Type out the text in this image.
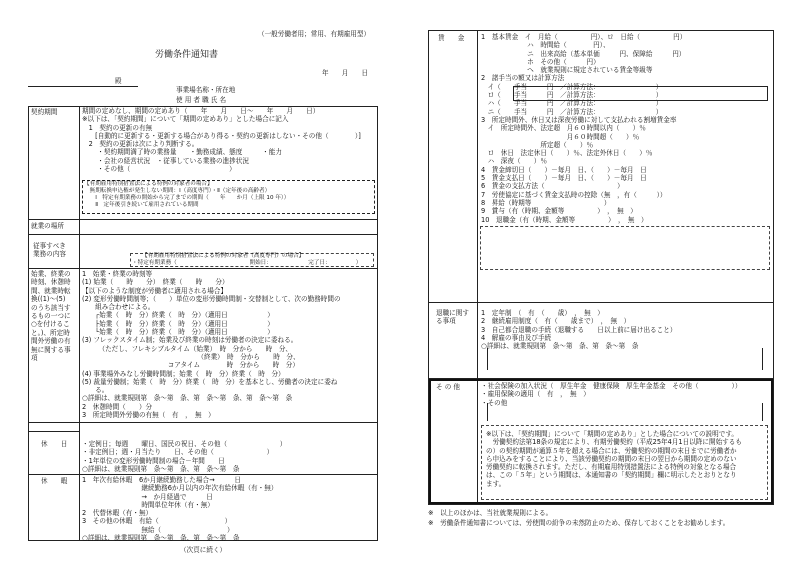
（一般労働者用；常用、有期雇用型）
労働条件通知書
年　　月　　日
殿
事業場名称・所在地
使 用 者 職 氏 名
契約期間	期間の定めなし、期間の定めあり（　　年　　月　　日～　　年　　月　　日）
※以下は、「契約期間」について「期間の定めあり」とした場合に記入
　1　契約の更新の有無
　　[自動的に更新する・更新する場合があり得る・契約の更新はしない・その他（　　　　）]
　2　契約の更新は次により判断する。
　　 ・契約期間満了時の業務量　　・勤務成績、態度　　　・能力
　　 ・会社の経営状況　・従事している業務の進捗状況
　　 ・その他（　　　　　　　　　　　　　　　）
【有期雇用特別措置法による特例の対象者の場合】
　無期転換申込権が発生しない期間：Ⅰ（高度専門）・Ⅱ（定年後の高齢者）
　　Ⅰ　特定有期業務の開始から完了までの期間（　　年　　か月（上限 10 年））
　　Ⅱ　定年後引き続いて雇用されている期間
就業の場所
従事すべき
業務の内容	【有期雇用特別措置法による特例の対象者（高度専門）の場合】
・特定有期業務（　　　　　　　　　　　　　開始日：　　　　　　　完了日：　　　　　）
始業、終業の
時刻、休憩時
間、就業時転
換((1)～(5)
のうち該当す
るもの一つに
○を付けるこ
と。)、所定時
間外労働の有
無に関する事
項
1　始業・終業の時刻等
(1) 始業（　　時　　分）　終業（　　時　　分）
【以下のような制度が労働者に適用される場合】
(2) 変形労働時間制等；（　　）単位の変形労働時間制・交替制として、次の勤務時間の
　　組み合わせによる。
　　┌始業（　時　分）終業（　時　分）（適用日　　　　　　）
　　├始業（　時　分）終業（　時　分）（適用日　　　　　　）
　　└始業（　時　分）終業（　時　分）（適用日　　　　　　）
(3) フレックスタイム制；始業及び終業の時刻は労働者の決定に委ねる。
　　　（ただし、フレキシブルタイム（始業）　時　分から　　時　分、
　　　　　　　　　　　　　　　　　　（終業）　時　分から　　時　分、
　　　　　　　　　　　　　コアタイム　　　　時　分から　　時　分）
(4) 事業場外みなし労働時間制；始業（　時　分）終業（　時　分）
(5) 裁量労働制；始業（　時　分）終業（　時　分）を基本とし、労働者の決定に委ね
　　る。
○詳細は、就業規則第　条～第　条、第　条～第　条、第　条～第　条
2　休憩時間（　　）分
3　所定時間外労働の有無（　有　，　無　）
休　　日 ・定例日；毎週　　曜日、国民の祝日、その他（　　　　　　　　）
・非定例日；週・月当たり　　日、その他（　　　　　　　　）
・1年単位の変形労働時間制の場合－年間　　日
○詳細は、就業規則第　条～第　条、第　条～第　条
休　　暇 1　年次有給休暇　6か月継続勤務した場合→　　　日
　　　　　　　　　継続勤務6か月以内の年次有給休暇（有・無）
　　　　　　　　　→　か月経過で　　　日
　　　　　　　　　時間単位年休（有・無）
2　代替休暇（有・無）
3　その他の休暇　有給（　　　　　　　　　　）
　　　　　　　　　無給（　　　　　　　　　　）
○詳細は、就業規則第　条～第　条、第　条～第　条
（次頁に続く）
賃　　金	1　基本賃金　イ　月給（　　　　　円）、ロ　日給（　　　　　円）
　　　　　　　ハ　時間給（　　　　円）、
　　　　　　　ニ　出来高給（基本単価　　　円、保障給　　　円）
　　　　　　　ホ　その他（　　　円）
　　　　　　　へ　就業規則に規定されている賃金等級等
2　諸手当の額又は計算方法
　イ（　　手当　　　円　／計算方法：　　　　　　　　　）
　ロ（　　手当　　　円　／計算方法：　　　　　　　　　）
　ハ（　　手当　　　円　／計算方法：　　　　　　　　　）
　ニ（　　手当　　　円　／計算方法：　　　　　　　　　）
3　所定時間外、休日又は深夜労働に対して支払われる割増賃金率
　イ　所定時間外、法定超　月６０時間以内（　　）％
　　　　　　　　　　　　　月６０時間超（　　）％
　　　　　　　　　所定超（　　）％
　ロ　休日　法定休日（　　）％、法定外休日（　　）％
　ハ　深夜（　　）％
4　賃金締切日（　　）－毎月　日、（　　）－毎月　日
5　賃金支払日（　　）－毎月　日、（　　）－毎月　日
6　賃金の支払方法（　　　　　　　　　　　）
7　労使協定に基づく賃金支払時の控除（無　，有（　　　））
8　昇給（時期等　　　　　　　　　　　）
9　賞与（有（時期、金額等　　　　　）　，　無　）
10　退職金（有（時期、金額等　　　　　）　，　無　）
退職に関す
る事項
1　定年制　（　有　（　　歳）　，　無　）
2　継続雇用制度（　有（　　歳まで）　，　無　）
3　自己都合退職の手続（退職する　　日以上前に届け出ること）
4　解雇の事由及び手続
○詳細は、就業規則第　条～第　条、第　条～第　条
そ の 他	・社会保険の加入状況（　厚生年金　健康保険　厚生年金基金　その他（　　　　　））
・雇用保険の適用（　有　，　無　）
・その他
※以下は、「契約期間」について「期間の定めあり」とした場合についての説明です。
　労働契約法第18条の規定により、有期労働契約（平成25年4月1日以降に開始するも
の）の契約期間が通算５年を超える場合には、労働契約の期間の末日までに労働者か
ら申込みをすることにより、当該労働契約の期間の末日の翌日から期間の定めのない
労働契約に転換されます。ただし、有期雇用特別措置法による特例の対象となる場合
は、この「５年」という期間は、本通知書の「契約期間」欄に明示したとおりとなり
ます。
※　以上のほかは、当社就業規則による。
※　労働条件通知書については、労使間の紛争の未然防止のため、保存しておくことをお勧めします。
